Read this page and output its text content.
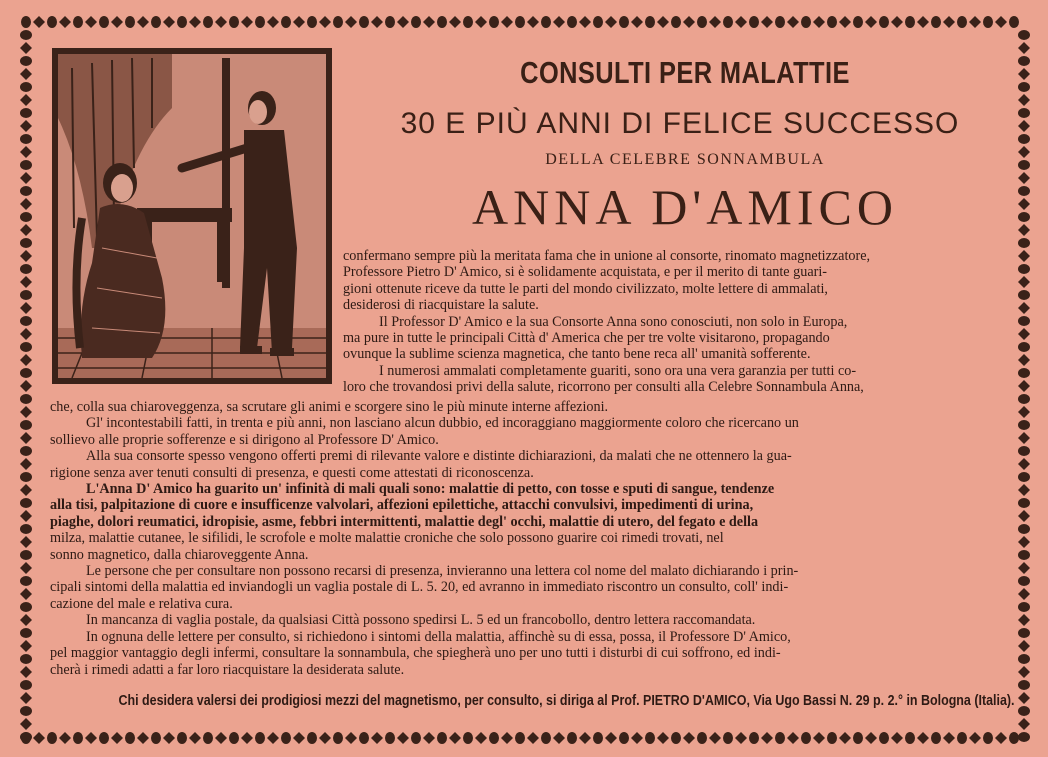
CONSULTI PER MALATTIE
30 E PIÙ ANNI DI FELICE SUCCESSO
DELLA CELEBRE SONNAMBULA
ANNA D'AMICO
confermano sempre più la meritata fama che in unione al consorte, rinomato magnetizzatore,
Professore Pietro D' Amico, si è solidamente acquistata, e per il merito di tante guari-
gioni ottenute riceve da tutte le parti del mondo civilizzato, molte lettere di ammalati,
desiderosi di riacquistare la salute.
Il Professor D' Amico e la sua Consorte Anna sono conosciuti, non solo in Europa,
ma pure in tutte le principali Città d' America che per tre volte visitarono, propagando
ovunque la sublime scienza magnetica, che tanto bene reca all' umanità sofferente.
I numerosi ammalati completamente guariti, sono ora una vera garanzia per tutti co-
loro che trovandosi privi della salute, ricorrono per consulti alla Celebre Sonnambula Anna,
che, colla sua chiaroveggenza, sa scrutare gli animi e scorgere sino le più minute interne affezioni.
Gl' incontestabili fatti, in trenta e più anni, non lasciano alcun dubbio, ed incoraggiano maggiormente coloro che ricercano un
sollievo alle proprie sofferenze e si dirigono al Professore D' Amico.
Alla sua consorte spesso vengono offerti premi di rilevante valore e distinte dichiarazioni, da malati che ne ottennero la gua-
rigione senza aver tenuti consulti di presenza, e questi come attestati di riconoscenza.
L'Anna D' Amico ha guarito un' infinità di mali quali sono: malattie di petto, con tosse e sputi di sangue, tendenze
alla tisi, palpitazione di cuore e insufficenze valvolari, affezioni epilettiche, attacchi convulsivi, impedimenti di urina,
piaghe, dolori reumatici, idropisie, asme, febbri intermittenti, malattie degl' occhi, malattie di utero, del fegato e della
milza, malattie cutanee, le sifilidi, le scrofole e molte malattie croniche che solo possono guarire coi rimedi trovati, nel
sonno magnetico, dalla chiaroveggente Anna.
Le persone che per consultare non possono recarsi di presenza, invieranno una lettera col nome del malato dichiarando i prin-
cipali sintomi della malattia ed inviandogli un vaglia postale di L. 5. 20, ed avranno in immediato riscontro un consulto, coll' indi-
cazione del male e relativa cura.
In mancanza di vaglia postale, da qualsiasi Città possono spedirsi L. 5 ed un francobollo, dentro lettera raccomandata.
In ognuna delle lettere per consulto, si richiedono i sintomi della malattia, affinchè su di essa, possa, il Professore D' Amico,
pel maggior vantaggio degli infermi, consultare la sonnambula, che spiegherà uno per uno tutti i disturbi di cui soffrono, ed indi-
cherà i rimedi adatti a far loro riacquistare la desiderata salute.
Chi desidera valersi dei prodigiosi mezzi del magnetismo, per consulto, si diriga al Prof. PIETRO D'AMICO, Via Ugo Bassi N. 29 p. 2.° in Bologna (Italia).
